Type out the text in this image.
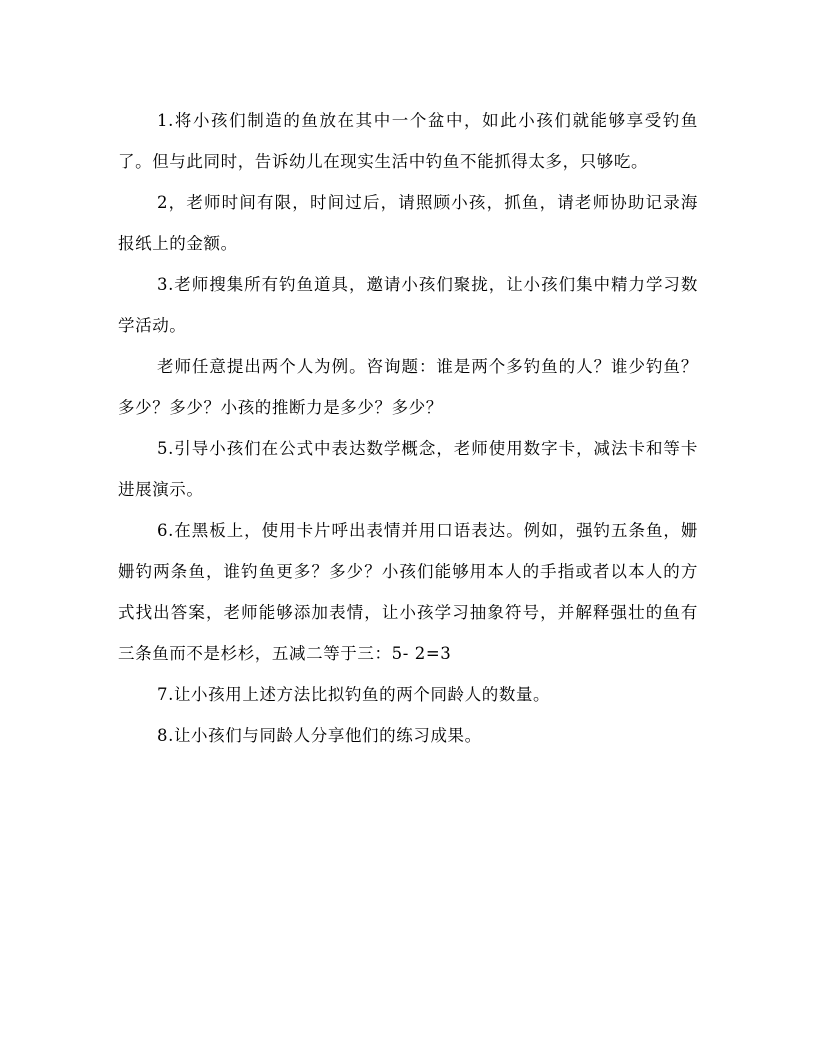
1.将小孩们制造的鱼放在其中一个盆中，如此小孩们就能够享受钓鱼了。但与此同时，告诉幼儿在现实生活中钓鱼不能抓得太多，只够吃。

2，老师时间有限，时间过后，请照顾小孩，抓鱼，请老师协助记录海报纸上的金额。

3.老师搜集所有钓鱼道具，邀请小孩们聚拢，让小孩们集中精力学习数学活动。

老师任意提出两个人为例。咨询题：谁是两个多钓鱼的人？谁少钓鱼？多少？多少？小孩的推断力是多少？多少？

5.引导小孩们在公式中表达数学概念，老师使用数字卡，减法卡和等卡进展演示。

6.在黑板上，使用卡片呼出表情并用口语表达。例如，强钓五条鱼，姗姗钓两条鱼，谁钓鱼更多？多少？小孩们能够用本人的手指或者以本人的方式找出答案，老师能够添加表情，让小孩学习抽象符号，并解释强壮的鱼有三条鱼而不是杉杉，五减二等于三：5- 2=3

7.让小孩用上述方法比拟钓鱼的两个同龄人的数量。

8.让小孩们与同龄人分享他们的练习成果。
